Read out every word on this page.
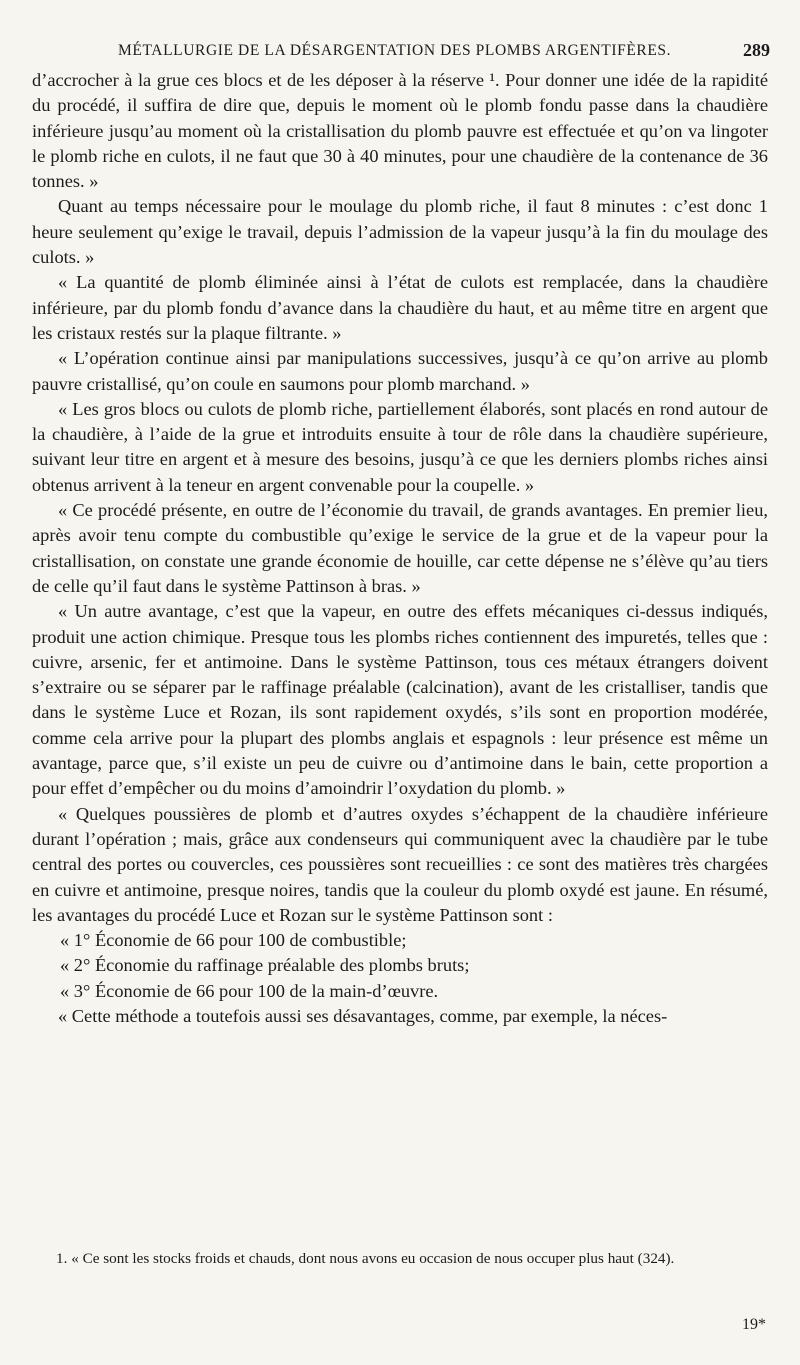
MÉTALLURGIE DE LA DÉSARGENTATION DES PLOMBS ARGENTIFÈRES.	289

d’accrocher à la grue ces blocs et de les déposer à la réserve ¹. Pour donner une idée de la rapidité du procédé, il suffira de dire que, depuis le moment où le plomb fondu passe dans la chaudière inférieure jusqu’au moment où la cristallisation du plomb pauvre est effectuée et qu’on va lingoter le plomb riche en culots, il ne faut que 30 à 40 minutes, pour une chaudière de la contenance de 36 tonnes. »

Quant au temps nécessaire pour le moulage du plomb riche, il faut 8 minutes : c’est donc 1 heure seulement qu’exige le travail, depuis l’admission de la vapeur jusqu’à la fin du moulage des culots. »

« La quantité de plomb éliminée ainsi à l’état de culots est remplacée, dans la chaudière inférieure, par du plomb fondu d’avance dans la chaudière du haut, et au même titre en argent que les cristaux restés sur la plaque filtrante. »

« L’opération continue ainsi par manipulations successives, jusqu’à ce qu’on arrive au plomb pauvre cristallisé, qu’on coule en saumons pour plomb marchand. »

« Les gros blocs ou culots de plomb riche, partiellement élaborés, sont placés en rond autour de la chaudière, à l’aide de la grue et introduits ensuite à tour de rôle dans la chaudière supérieure, suivant leur titre en argent et à mesure des besoins, jusqu’à ce que les derniers plombs riches ainsi obtenus arrivent à la teneur en argent convenable pour la coupelle. »

« Ce procédé présente, en outre de l’économie du travail, de grands avantages. En premier lieu, après avoir tenu compte du combustible qu’exige le service de la grue et de la vapeur pour la cristallisation, on constate une grande économie de houille, car cette dépense ne s’élève qu’au tiers de celle qu’il faut dans le système Pattinson à bras. »

« Un autre avantage, c’est que la vapeur, en outre des effets mécaniques ci-dessus indiqués, produit une action chimique. Presque tous les plombs riches contiennent des impuretés, telles que : cuivre, arsenic, fer et antimoine. Dans le système Pattinson, tous ces métaux étrangers doivent s’extraire ou se séparer par le raffinage préalable (calcination), avant de les cristalliser, tandis que dans le système Luce et Rozan, ils sont rapidement oxydés, s’ils sont en proportion modérée, comme cela arrive pour la plupart des plombs anglais et espagnols : leur présence est même un avantage, parce que, s’il existe un peu de cuivre ou d’antimoine dans le bain, cette proportion a pour effet d’empêcher ou du moins d’amoindrir l’oxydation du plomb. »

« Quelques poussières de plomb et d’autres oxydes s’échappent de la chaudière inférieure durant l’opération ; mais, grâce aux condenseurs qui communiquent avec la chaudière par le tube central des portes ou couvercles, ces poussières sont recueillies : ce sont des matières très chargées en cuivre et antimoine, presque noires, tandis que la couleur du plomb oxydé est jaune. En résumé, les avantages du procédé Luce et Rozan sur le système Pattinson sont :

« 1° Économie de 66 pour 100 de combustible;

« 2° Économie du raffinage préalable des plombs bruts;

« 3° Économie de 66 pour 100 de la main-d’œuvre.

« Cette méthode a toutefois aussi ses désavantages, comme, par exemple, la néces-

1. « Ce sont les stocks froids et chauds, dont nous avons eu occasion de nous occuper plus haut (324).

19*
